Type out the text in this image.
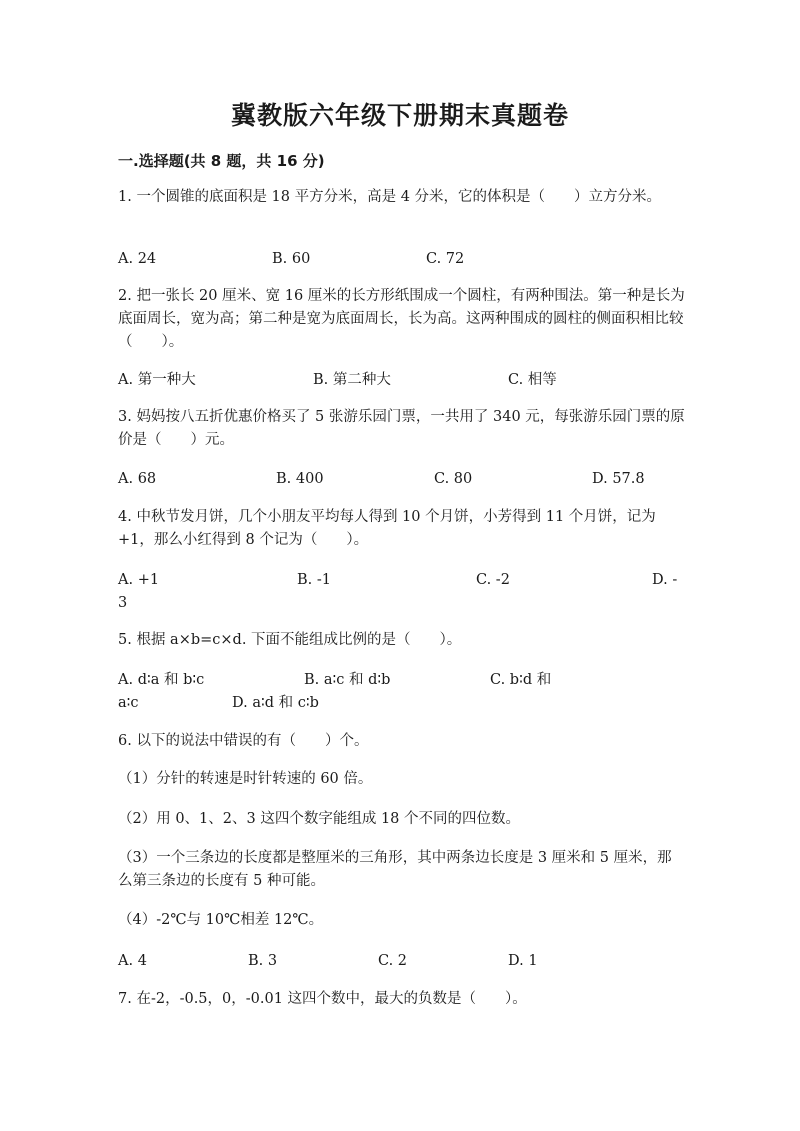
冀教版六年级下册期末真题卷
一.选择题(共 8 题，共 16 分)

1. 一个圆锥的底面积是 18 平方分米，高是 4 分米，它的体积是（　　）立方分米。

A. 24	B. 60	C. 72

2. 把一张长 20 厘米、宽 16 厘米的长方形纸围成一个圆柱，有两种围法。第一种是长为底面周长，宽为高；第二种是宽为底面周长，长为高。这两种围成的圆柱的侧面积相比较（　　）。

A. 第一种大	B. 第二种大	C. 相等

3. 妈妈按八五折优惠价格买了 5 张游乐园门票，一共用了 340 元，每张游乐园门票的原价是（　　）元。

A. 68	B. 400	C. 80	D. 57.8

4. 中秋节发月饼，几个小朋友平均每人得到 10 个月饼，小芳得到 11 个月饼，记为+1，那么小红得到 8 个记为（　　）。

A. +1	B. -1	C. -2	D. -
3

5. 根据 a×b=c×d. 下面不能组成比例的是（　　）。

A. d∶a 和 b∶c	B. a∶c 和 d∶b	C. b∶d 和
a∶c	D. a∶d 和 c∶b

6. 以下的说法中错误的有（　　）个。

（1）分针的转速是时针转速的 60 倍。

（2）用 0、1、2、3 这四个数字能组成 18 个不同的四位数。

（3）一个三条边的长度都是整厘米的三角形，其中两条边长度是 3 厘米和 5 厘米，那么第三条边的长度有 5 种可能。

（4）-2℃与 10℃相差 12℃。

A. 4	B. 3	C. 2	D. 1

7. 在-2，-0.5，0，-0.01 这四个数中，最大的负数是（　　）。
